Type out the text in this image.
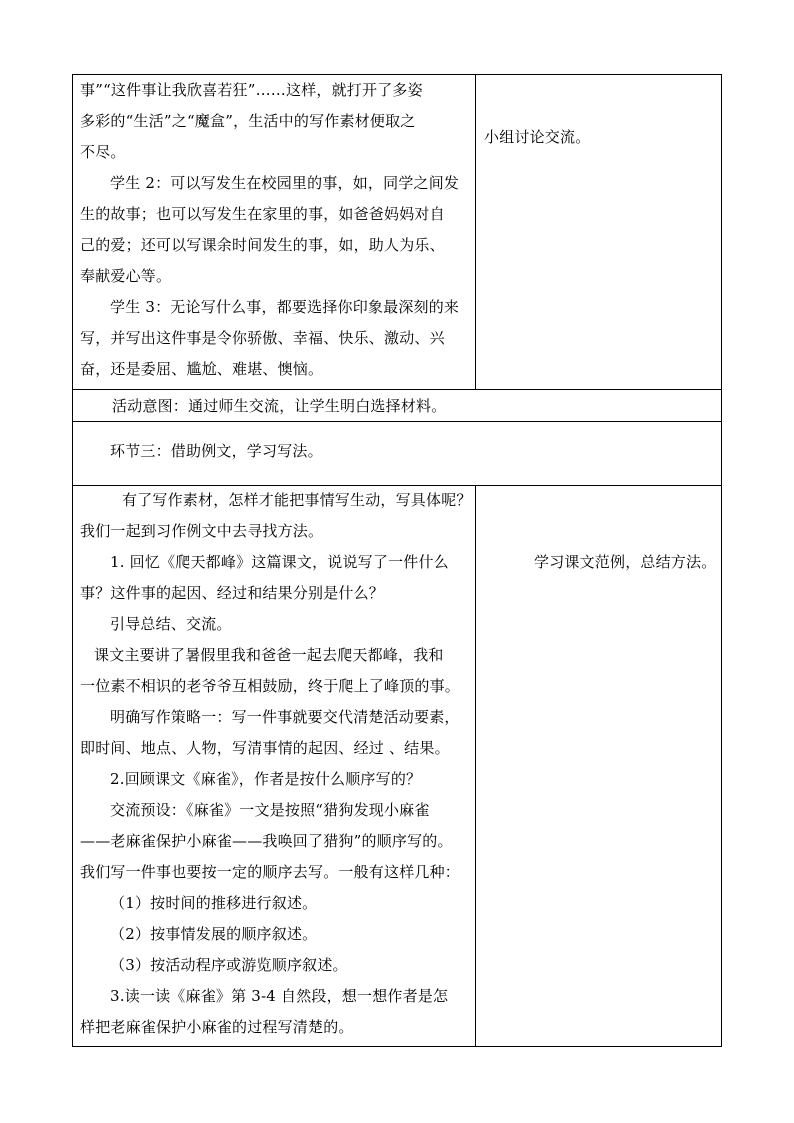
事”“这件事让我欣喜若狂”……这样，就打开了多姿

多彩的“生活”之“魔盒”，生活中的写作素材便取之

不尽。

学生 2：可以写发生在校园里的事，如，同学之间发

生的故事；也可以写发生在家里的事，如爸爸妈妈对自

己的爱；还可以写课余时间发生的事，如，助人为乐、

奉献爱心等。

学生 3：无论写什么事，都要选择你印象最深刻的来

写，并写出这件事是令你骄傲、幸福、快乐、激动、兴

奋，还是委屈、尴尬、难堪、懊恼。

小组讨论交流。
活动意图：通过师生交流，让学生明白选择材料。
环节三：借助例文，学习写法。

有了写作素材，怎样才能把事情写生动，写具体呢？

我们一起到习作例文中去寻找方法。

1. 回忆《爬天都峰》这篇课文，说说写了一件什么

事？这件事的起因、经过和结果分别是什么？

引导总结、交流。

课文主要讲了暑假里我和爸爸一起去爬天都峰，我和

一位素不相识的老爷爷互相鼓励，终于爬上了峰顶的事。

明确写作策略一：写一件事就要交代清楚活动要素，

即时间、地点、人物，写清事情的起因、经过 、结果。

2.回顾课文《麻雀》，作者是按什么顺序写的？

交流预设：《麻雀》一文是按照“猎狗发现小麻雀

——老麻雀保护小麻雀——我唤回了猎狗”的顺序写的。

我们写一件事也要按一定的顺序去写。一般有这样几种：

（1）按时间的推移进行叙述。

（2）按事情发展的顺序叙述。

（3）按活动程序或游览顺序叙述。

3.读一读《麻雀》第 3-4 自然段，想一想作者是怎

样把老麻雀保护小麻雀的过程写清楚的。

学习课文范例，总结方法。
